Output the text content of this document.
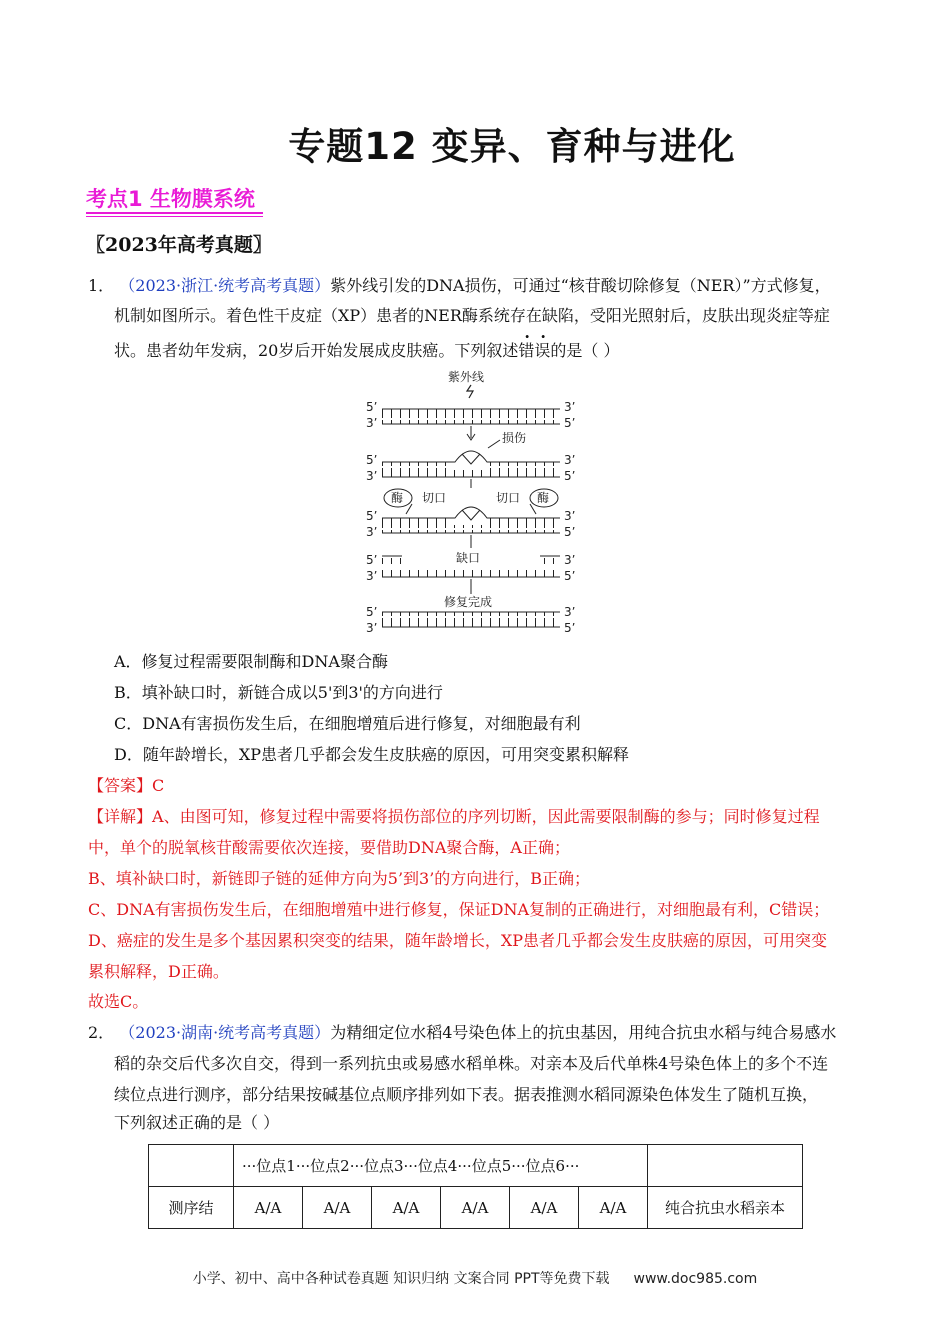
专题12 变异、育种与进化
考点1 生物膜系统
〖2023年高考真题〗
1． （2023·浙江·统考高考真题）紫外线引发的DNA损伤，可通过“核苷酸切除修复（NER）”方式修复，
机制如图所示。着色性干皮症（XP）患者的NER酶系统存在缺陷，受阳光照射后，皮肤出现炎症等症
状。患者幼年发病，20岁后开始发展成皮肤癌。下列叙述错误的是（ ）
紫外线
5’
3’
3’
5’
损伤
5’
3’
3’
5’
酶 切口	酶
切口
5’
3’
3’
5’
缺口
5’
3’
3’
5’
修复完成
5’
3’
3’
5’
A．修复过程需要限制酶和DNA聚合酶
B．填补缺口时，新链合成以5'到3'的方向进行
C．DNA有害损伤发生后，在细胞增殖后进行修复，对细胞最有利
D．随年龄增长，XP患者几乎都会发生皮肤癌的原因，可用突变累积解释
【答案】C
【详解】A、由图可知，修复过程中需要将损伤部位的序列切断，因此需要限制酶的参与；同时修复过程
中，单个的脱氧核苷酸需要依次连接，要借助DNA聚合酶，A正确；
B、填补缺口时，新链即子链的延伸方向为5’到3’的方向进行，B正确；
C、DNA有害损伤发生后，在细胞增殖中进行修复，保证DNA复制的正确进行，对细胞最有利，C错误；
D、癌症的发生是多个基因累积突变的结果，随年龄增长，XP患者几乎都会发生皮肤癌的原因，可用突变
累积解释，D正确。
故选C。
2． （2023·湖南·统考高考真题）为精细定位水稻4号染色体上的抗虫基因，用纯合抗虫水稻与纯合易感水
稻的杂交后代多次自交，得到一系列抗虫或易感水稻单株。对亲本及后代单株4号染色体上的多个不连
续位点进行测序，部分结果按碱基位点顺序排列如下表。据表推测水稻同源染色体发生了随机互换，
下列叙述正确的是（ ）
	···位点1···位点2···位点3···位点4···位点5···位点6···						
测序结	A/A	A/A	A/A	A/A	A/A	A/A	纯合抗虫水稻亲本
小学、初中、高中各种试卷真题 知识归纳 文案合同 PPT等免费下载 www.doc985.com
